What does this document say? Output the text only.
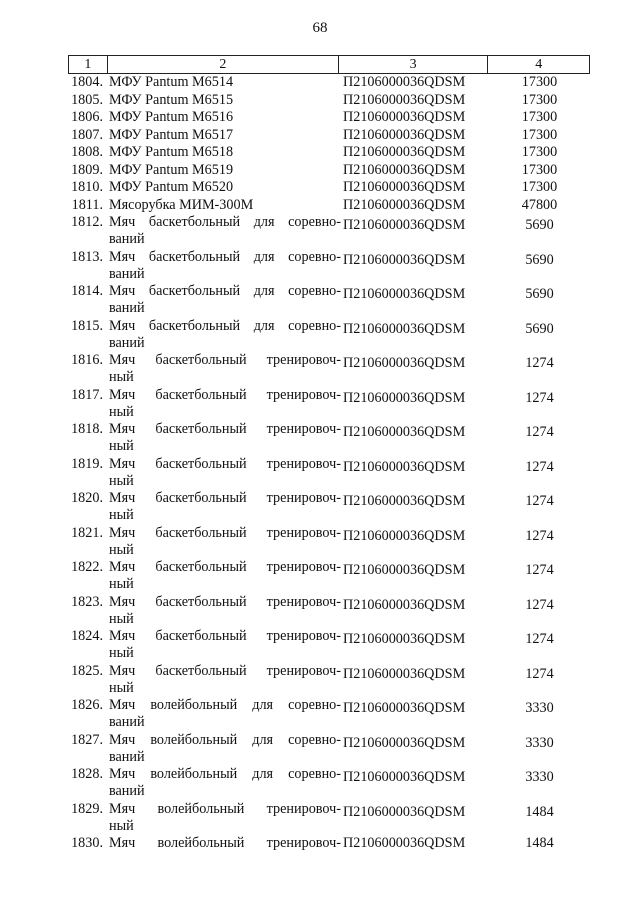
68
1	2	3	4
1804. МФУ Pantum M6514	П2106000036QDSM	17300
1805. МФУ Pantum M6515	П2106000036QDSM	17300
1806. МФУ Pantum M6516	П2106000036QDSM	17300
1807. МФУ Pantum M6517	П2106000036QDSM	17300
1808. МФУ Pantum M6518	П2106000036QDSM	17300
1809. МФУ Pantum M6519	П2106000036QDSM	17300
1810. МФУ Pantum M6520	П2106000036QDSM	17300
1811. Мясорубка МИМ-300М	П2106000036QDSM	47800
1812. Мяч баскетбольный для соревно-
ваний
П2106000036QDSM	5690
1813. Мяч баскетбольный для соревно-
ваний
П2106000036QDSM	5690
1814. Мяч баскетбольный для соревно-
ваний
П2106000036QDSM	5690
1815. Мяч баскетбольный для соревно-
ваний
П2106000036QDSM	5690
1816. Мяч баскетбольный тренировоч-
ный
П2106000036QDSM	1274
1817. Мяч баскетбольный тренировоч-
ный
П2106000036QDSM	1274
1818. Мяч баскетбольный тренировоч-
ный
П2106000036QDSM	1274
1819. Мяч баскетбольный тренировоч-
ный
П2106000036QDSM	1274
1820. Мяч баскетбольный тренировоч-
ный
П2106000036QDSM	1274
1821. Мяч баскетбольный тренировоч-
ный
П2106000036QDSM	1274
1822. Мяч баскетбольный тренировоч-
ный
П2106000036QDSM	1274
1823. Мяч баскетбольный тренировоч-
ный
П2106000036QDSM	1274
1824. Мяч баскетбольный тренировоч-
ный
П2106000036QDSM	1274
1825. Мяч баскетбольный тренировоч-
ный
П2106000036QDSM	1274
1826. Мяч волейбольный для соревно-
ваний
П2106000036QDSM	3330
1827. Мяч волейбольный для соревно-
ваний
П2106000036QDSM	3330
1828. Мяч волейбольный для соревно-
ваний
П2106000036QDSM	3330
1829. Мяч волейбольный тренировоч-
ный
П2106000036QDSM	1484
1830. Мяч волейбольный тренировоч- П2106000036QDSM	1484
